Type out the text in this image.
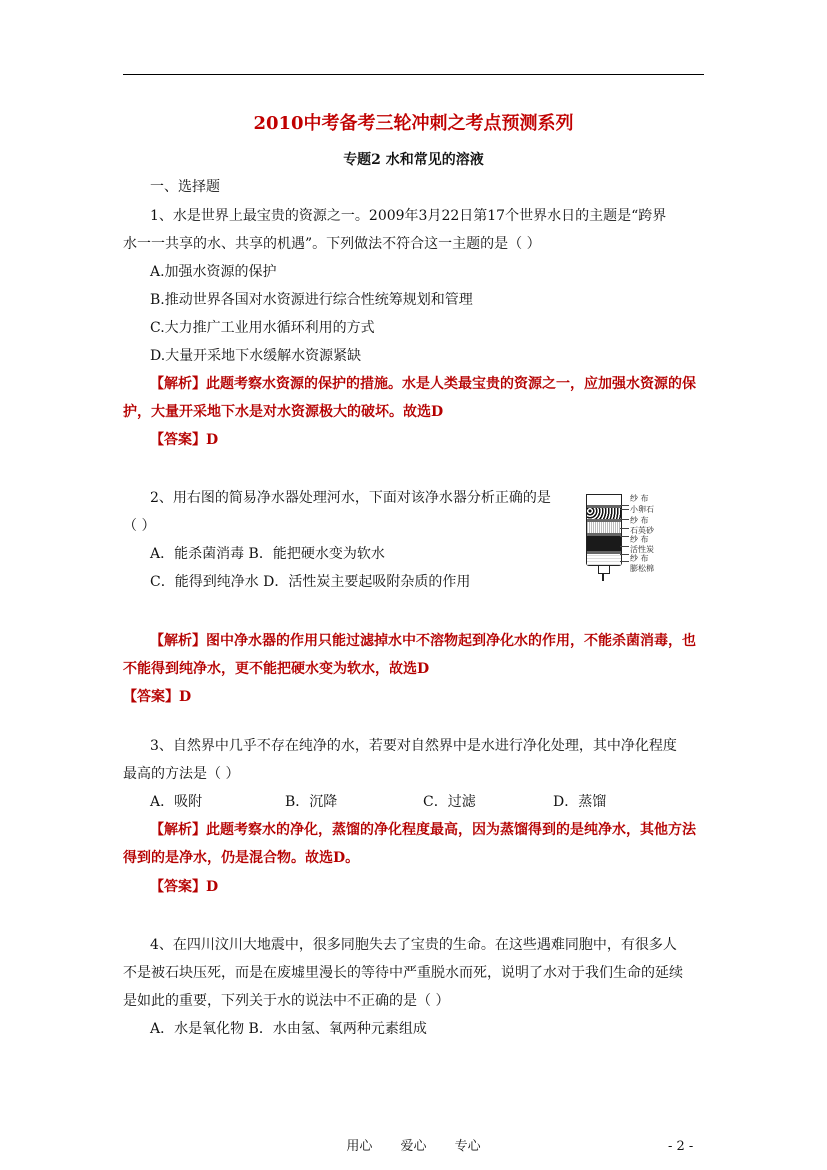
2010中考备考三轮冲刺之考点预测系列
专题2 水和常见的溶液
一、选择题
1、水是世界上最宝贵的资源之一。2009年3月22日第17个世界水日的主题是“跨界
水一一共享的水、共享的机遇”。下列做法不符合这一主题的是（ ）
A.加强水资源的保护
B.推动世界各国对水资源进行综合性统筹规划和管理
C.大力推广工业用水循环利用的方式
D.大量开采地下水缓解水资源紧缺
【解析】此题考察水资源的保护的措施。水是人类最宝贵的资源之一，应加强水资源的保
护，大量开采地下水是对水资源极大的破坏。故选D
【答案】D
2、用右图的简易净水器处理河水，下面对该净水器分析正确的是
（ ）
A．能杀菌消毒 B．能把硬水变为软水
C．能得到纯净水 D．活性炭主要起吸附杂质的作用
纱 布
小卵石
纱 布
石英砂
纱 布
活性炭
纱 布
膨松棉
【解析】图中净水器的作用只能过滤掉水中不溶物起到净化水的作用，不能杀菌消毒，也
不能得到纯净水，更不能把硬水变为软水，故选D
【答案】D
3、自然界中几乎不存在纯净的水，若要对自然界中是水进行净化处理，其中净化程度
最高的方法是（ ）
A．吸附	B．沉降	C．过滤	D．蒸馏
【解析】此题考察水的净化，蒸馏的净化程度最高，因为蒸馏得到的是纯净水，其他方法
得到的是净水，仍是混合物。故选D。
【答案】D
4、在四川汶川大地震中，很多同胞失去了宝贵的生命。在这些遇难同胞中，有很多人
不是被石块压死，而是在废墟里漫长的等待中严重脱水而死，说明了水对于我们生命的延续
是如此的重要，下列关于水的说法中不正确的是（ ）
A．水是氧化物 B．水由氢、氧两种元素组成
用心 爱心 专心	- 2 -
